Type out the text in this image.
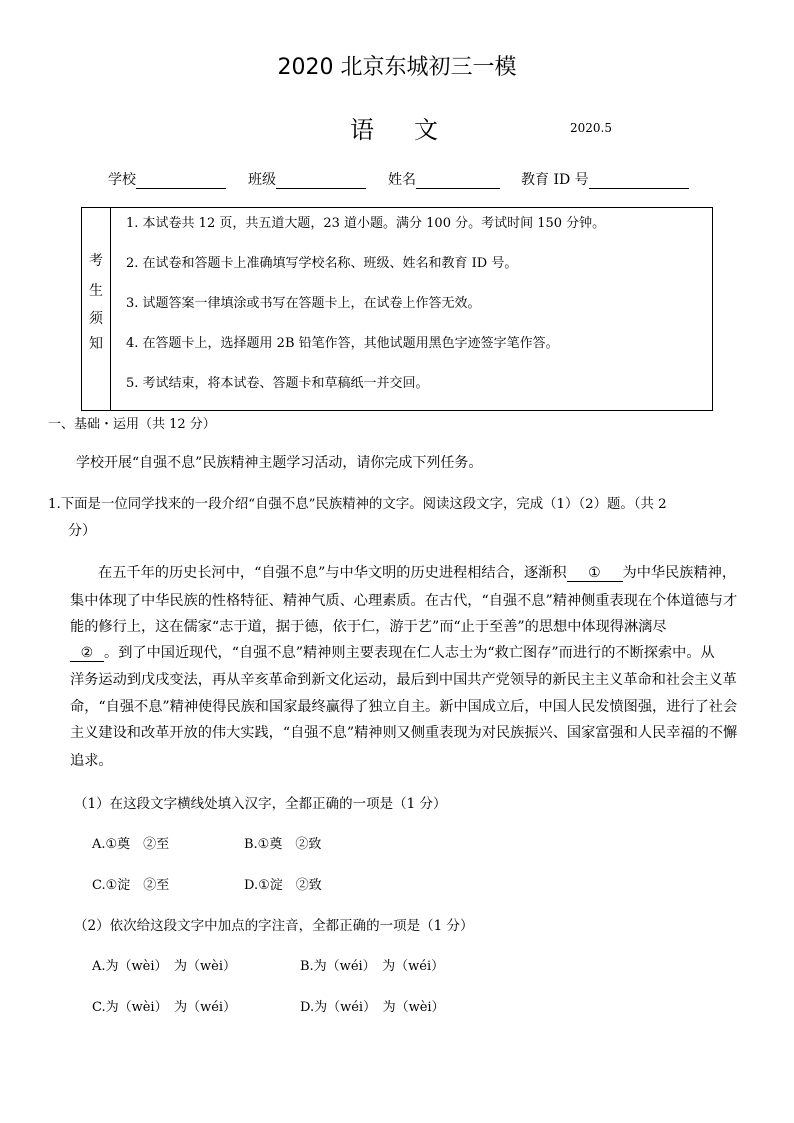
2020 北京东城初三一模
语文	2020.5
学校	班级	姓名	教育 ID 号
考
生
须
知
1. 本试卷共 12 页，共五道大题，23 道小题。满分 100 分。考试时间 150 分钟。
2. 在试卷和答题卡上准确填写学校名称、班级、姓名和教育 ID 号。
3. 试题答案一律填涂或书写在答题卡上，在试卷上作答无效。
4. 在答题卡上，选择题用 2B 铅笔作答，其他试题用黑色字迹签字笔作答。
5. 考试结束，将本试卷、答题卡和草稿纸一并交回。
一、基础・运用（共 12 分）
学校开展“自强不息”民族精神主题学习活动，请你完成下列任务。
1.下面是一位同学找来的一段介绍“自强不息”民族精神的文字。阅读这段文字，完成（1）（2）题。（共 2
分）
在五千年的历史长河中，“自强不息”与中华文明的历史进程相结合，逐渐积 ① 为中华民族精神，
集中体现了中华民族的性格特征、精神气质、心理素质。在古代，“自强不息”精神侧重表现在个体道德与才
能的修行上，这在儒家“志于道，据于德，依于仁，游于艺”而“止于至善”的思想中体现得淋漓尽
② 。到了中国近现代，“自强不息”精神则主要表现在仁人志士为“救亡图存”而进行的不断探索中。从
洋务运动到戊戌变法，再从辛亥革命到新文化运动，最后到中国共产党领导的新民主主义革命和社会主义革
命，“自强不息”精神使得民族和国家最终赢得了独立自主。新中国成立后，中国人民发愤图强，进行了社会
主义建设和改革开放的伟大实践，“自强不息”精神则又侧重表现为对民族振兴、国家富强和人民幸福的不懈
追求。
（1）在这段文字横线处填入汉字，全都正确的一项是（1 分）
A.①奠　②至	B.①奠　②致
C.①淀　②至	D.①淀　②致
（2）依次给这段文字中加点的字注音，全都正确的一项是（1 分）
A.为（wèi）　为（wèi）	B.为（wéi）　为（wéi）
C.为（wèi）　为（wéi）	D.为（wéi）　为（wèi）
